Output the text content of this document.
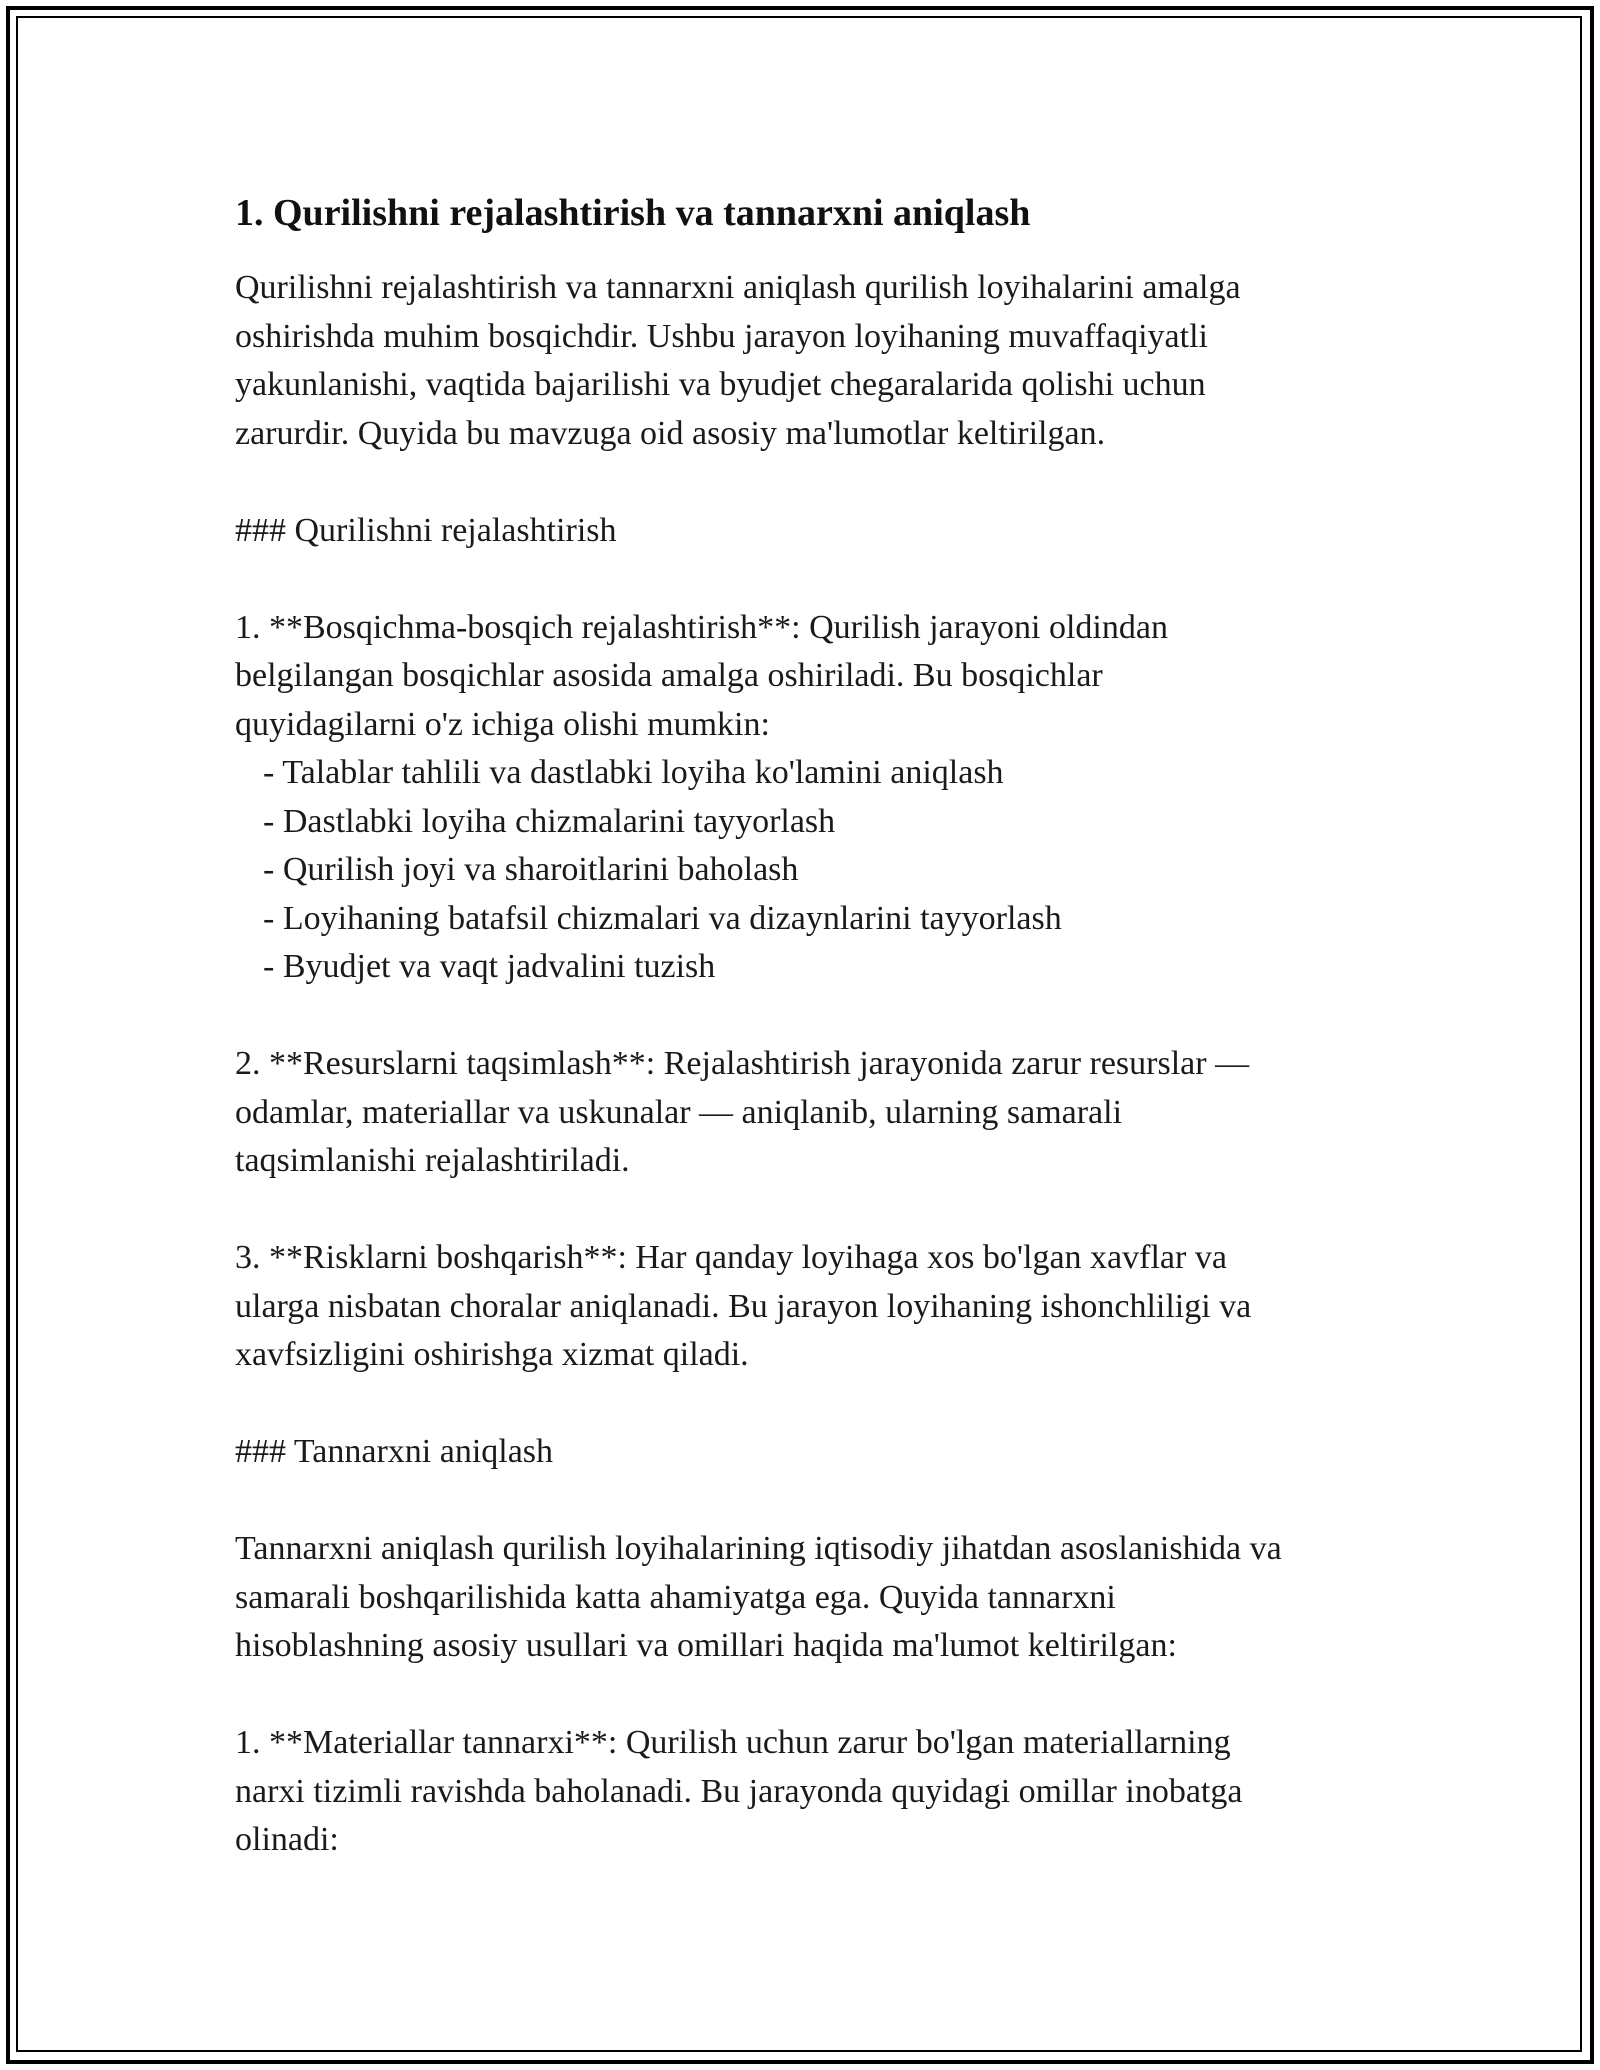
1. Qurilishni rejalashtirish va tannarxni aniqlash

Qurilishni rejalashtirish va tannarxni aniqlash qurilish loyihalarini amalga
oshirishda muhim bosqichdir. Ushbu jarayon loyihaning muvaffaqiyatli
yakunlanishi, vaqtida bajarilishi va byudjet chegaralarida qolishi uchun
zarurdir. Quyida bu mavzuga oid asosiy ma'lumotlar keltirilgan.

### Qurilishni rejalashtirish

1. **Bosqichma-bosqich rejalashtirish**: Qurilish jarayoni oldindan
belgilangan bosqichlar asosida amalga oshiriladi. Bu bosqichlar
quyidagilarni o'z ichiga olishi mumkin:

- Talablar tahlili va dastlabki loyiha ko'lamini aniqlash

- Dastlabki loyiha chizmalarini tayyorlash

- Qurilish joyi va sharoitlarini baholash

- Loyihaning batafsil chizmalari va dizaynlarini tayyorlash

- Byudjet va vaqt jadvalini tuzish

2. **Resurslarni taqsimlash**: Rejalashtirish jarayonida zarur resurslar —
odamlar, materiallar va uskunalar — aniqlanib, ularning samarali
taqsimlanishi rejalashtiriladi.

3. **Risklarni boshqarish**: Har qanday loyihaga xos bo'lgan xavflar va
ularga nisbatan choralar aniqlanadi. Bu jarayon loyihaning ishonchliligi va
xavfsizligini oshirishga xizmat qiladi.

### Tannarxni aniqlash

Tannarxni aniqlash qurilish loyihalarining iqtisodiy jihatdan asoslanishida va
samarali boshqarilishida katta ahamiyatga ega. Quyida tannarxni
hisoblashning asosiy usullari va omillari haqida ma'lumot keltirilgan:

1. **Materiallar tannarxi**: Qurilish uchun zarur bo'lgan materiallarning
narxi tizimli ravishda baholanadi. Bu jarayonda quyidagi omillar inobatga
olinadi:
